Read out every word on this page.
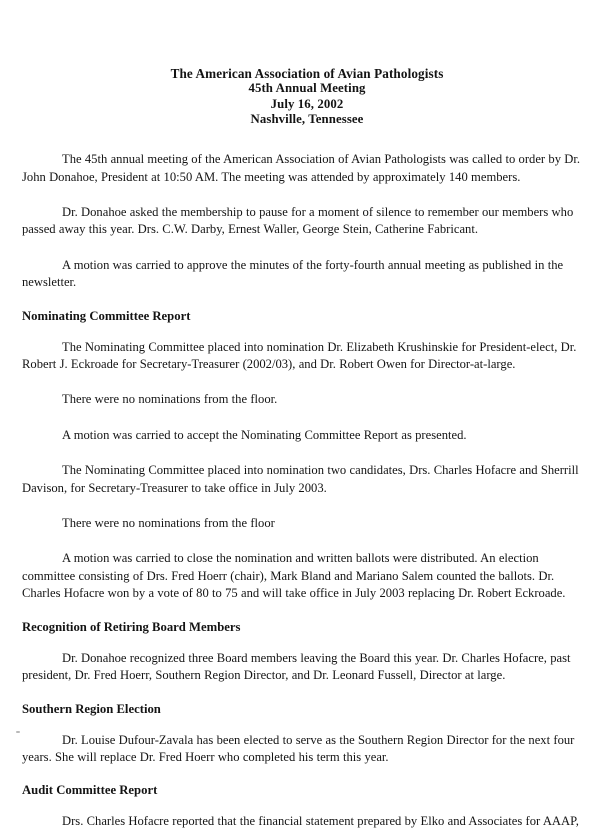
The American Association of Avian Pathologists
45th Annual Meeting
July 16, 2002
Nashville, Tennessee

The 45th annual meeting of the American Association of Avian Pathologists was called to order by Dr. John Donahoe, President at 10:50 AM. The meeting was attended by approximately 140 members.

Dr. Donahoe asked the membership to pause for a moment of silence to remember our members who passed away this year. Drs. C.W. Darby, Ernest Waller, George Stein, Catherine Fabricant.

A motion was carried to approve the minutes of the forty-fourth annual meeting as published in the newsletter.

Nominating Committee Report

The Nominating Committee placed into nomination Dr. Elizabeth Krushinskie for President-elect, Dr. Robert J. Eckroade for Secretary-Treasurer (2002/03), and Dr. Robert Owen for Director-at-large.

There were no nominations from the floor.

A motion was carried to accept the Nominating Committee Report as presented.

The Nominating Committee placed into nomination two candidates, Drs. Charles Hofacre and Sherrill Davison, for Secretary-Treasurer to take office in July 2003.

There were no nominations from the floor

A motion was carried to close the nomination and written ballots were distributed. An election committee consisting of Drs. Fred Hoerr (chair), Mark Bland and Mariano Salem counted the ballots. Dr. Charles Hofacre won by a vote of 80 to 75 and will take office in July 2003 replacing Dr. Robert Eckroade.

Recognition of Retiring Board Members

Dr. Donahoe recognized three Board members leaving the Board this year. Dr. Charles Hofacre, past president, Dr. Fred Hoerr, Southern Region Director, and Dr. Leonard Fussell, Director at large.

Southern Region Election

Dr. Louise Dufour-Zavala has been elected to serve as the Southern Region Director for the next four years. She will replace Dr. Fred Hoerr who completed his term this year.

Audit Committee Report

Drs. Charles Hofacre reported that the financial statement prepared by Elko and Associates for AAAP,
